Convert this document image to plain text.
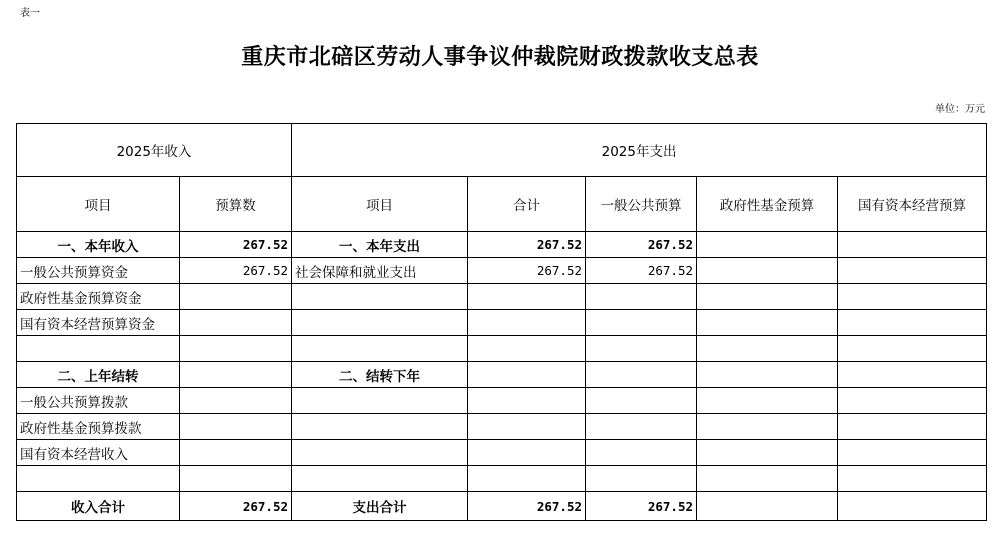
表一
重庆市北碚区劳动人事争议仲裁院财政拨款收支总表
单位：万元
2025年收入		2025年支出				
项目	预算数	项目	合计	一般公共预算	政府性基金预算	国有资本经营预算
一、本年收入	267.52	一、本年支出	267.52	267.52		
一般公共预算资金	267.52	社会保障和就业支出	267.52	267.52		
政府性基金预算资金						
国有资本经营预算资金						

二、上年结转		二、结转下年				
一般公共预算拨款						
政府性基金预算拨款						
国有资本经营收入						

收入合计	267.52	支出合计	267.52	267.52		
